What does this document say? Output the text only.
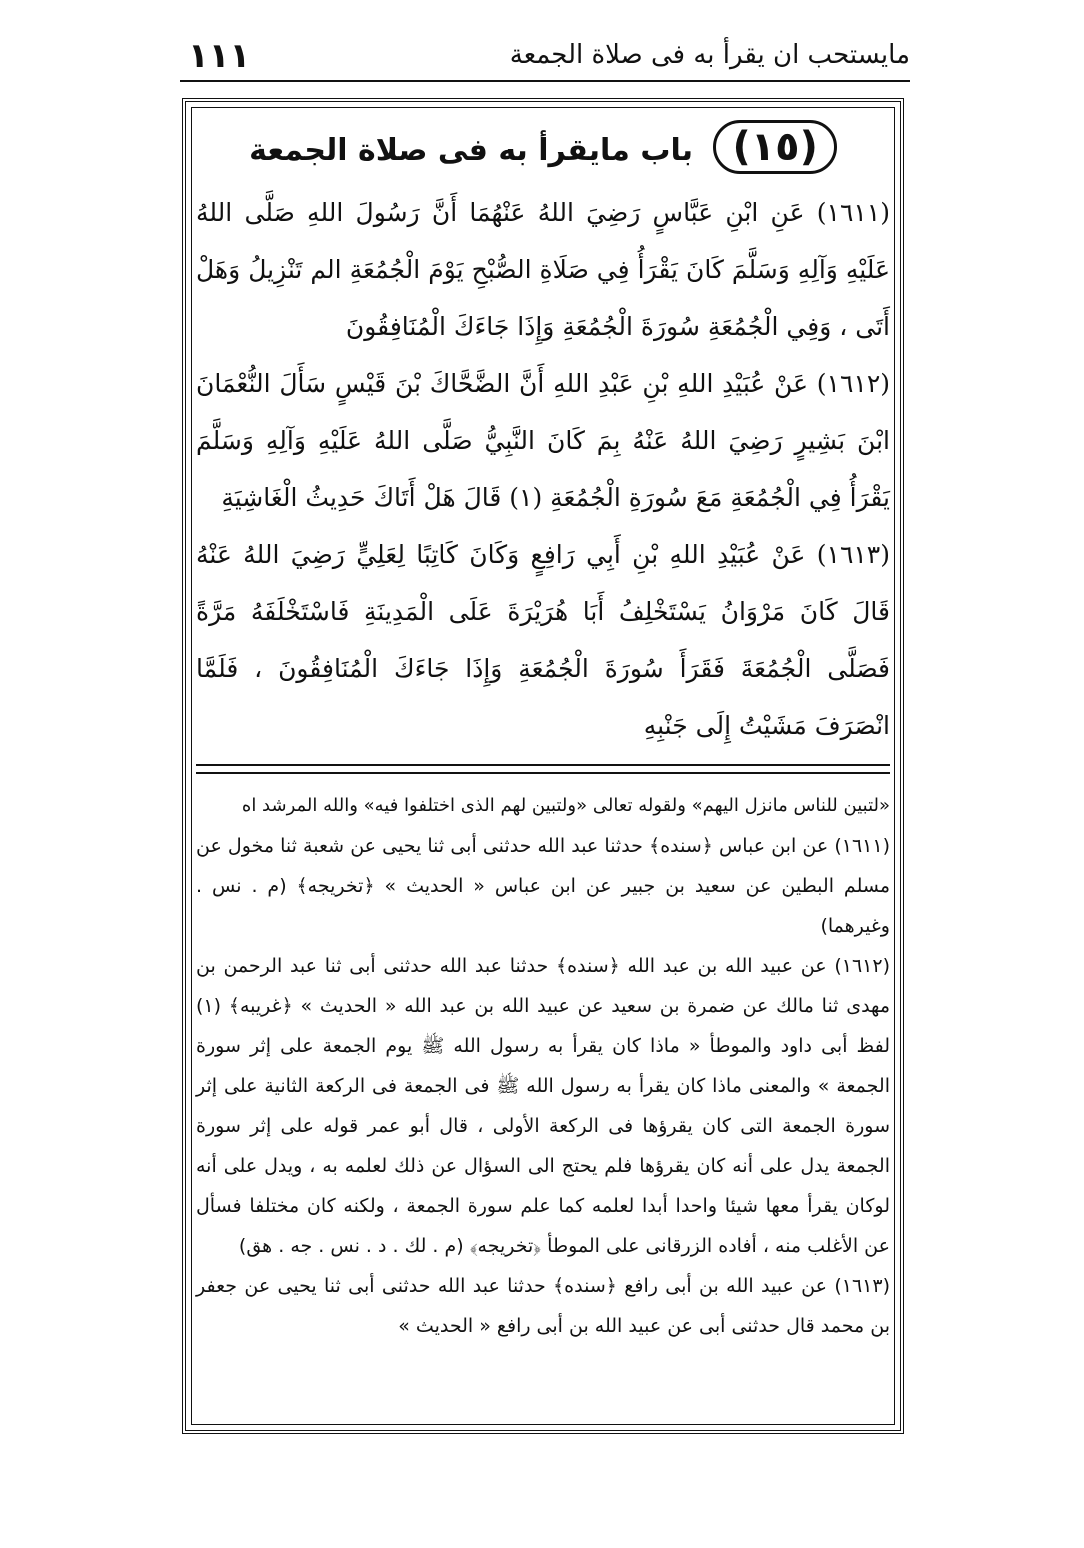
مايستحب ان يقرأ به فى صلاة الجمعة
١١١
(١٥) باب مايقرأ به فى صلاة الجمعة

(١٦١١) عَنِ ابْنِ عَبَّاسٍ رَضِيَ اللهُ عَنْهُمَا أَنَّ رَسُولَ اللهِ صَلَّى اللهُ عَلَيْهِ وَآلِهِ وَسَلَّمَ كَانَ يَقْرَأُ فِي صَلَاةِ الصُّبْحِ يَوْمَ الْجُمُعَةِ الم تَنْزِيلُ وَهَلْ أَتَى ، وَفِي الْجُمُعَةِ سُورَةَ الْجُمُعَةِ وَإِذَا جَاءَكَ الْمُنَافِقُونَ

(١٦١٢) عَنْ عُبَيْدِ اللهِ بْنِ عَبْدِ اللهِ أَنَّ الضَّحَّاكَ بْنَ قَيْسٍ سَأَلَ النُّعْمَانَ ابْنَ بَشِيرٍ رَضِيَ اللهُ عَنْهُ بِمَ كَانَ النَّبِيُّ صَلَّى اللهُ عَلَيْهِ وَآلِهِ وَسَلَّمَ يَقْرَأُ فِي الْجُمُعَةِ مَعَ سُورَةِ الْجُمُعَةِ (١) قَالَ هَلْ أَتَاكَ حَدِيثُ الْغَاشِيَةِ

(١٦١٣) عَنْ عُبَيْدِ اللهِ بْنِ أَبِي رَافِعٍ وَكَانَ كَاتِبًا لِعَلِيٍّ رَضِيَ اللهُ عَنْهُ قَالَ كَانَ مَرْوَانُ يَسْتَخْلِفُ أَبَا هُرَيْرَةَ عَلَى الْمَدِينَةِ فَاسْتَخْلَفَهُ مَرَّةً فَصَلَّى الْجُمُعَةَ فَقَرَأَ سُورَةَ الْجُمُعَةِ وَإِذَا جَاءَكَ الْمُنَافِقُونَ ، فَلَمَّا انْصَرَفَ مَشَيْتُ إِلَى جَنْبِهِ

«لتبين للناس مانزل اليهم» ولقوله تعالى «ولتبين لهم الذى اختلفوا فيه» والله المرشد اه

(١٦١١) عن ابن عباس ﴿سنده﴾ حدثنا عبد الله حدثنى أبى ثنا يحيى عن شعبة ثنا مخول عن مسلم البطين عن سعيد بن جبير عن ابن عباس « الحديث » ﴿تخريجه﴾ (م . نس . وغيرهما)

(١٦١٢) عن عبيد الله بن عبد الله ﴿سنده﴾ حدثنا عبد الله حدثنى أبى ثنا عبد الرحمن بن مهدى ثنا مالك عن ضمرة بن سعيد عن عبيد الله بن عبد الله « الحديث » ﴿غريبه﴾ (١) لفظ أبى داود والموطأ « ماذا كان يقرأ به رسول الله ﷺ يوم الجمعة على إثر سورة الجمعة » والمعنى ماذا كان يقرأ به رسول الله ﷺ فى الجمعة فى الركعة الثانية على إثر سورة الجمعة التى كان يقرؤها فى الركعة الأولى ، قال أبو عمر قوله على إثر سورة الجمعة يدل على أنه كان يقرؤها فلم يحتج الى السؤال عن ذلك لعلمه به ، ويدل على أنه لوكان يقرأ معها شيئا واحدا أبدا لعلمه كما علم سورة الجمعة ، ولكنه كان مختلفا فسأل عن الأغلب منه ، أفاده الزرقانى على الموطأ ﴿تخريجه﴾ (م . لك . د . نس . جه . هق)

(١٦١٣) عن عبيد الله بن أبى رافع ﴿سنده﴾ حدثنا عبد الله حدثنى أبى ثنا يحيى عن جعفر بن محمد قال حدثنى أبى عن عبيد الله بن أبى رافع « الحديث »
